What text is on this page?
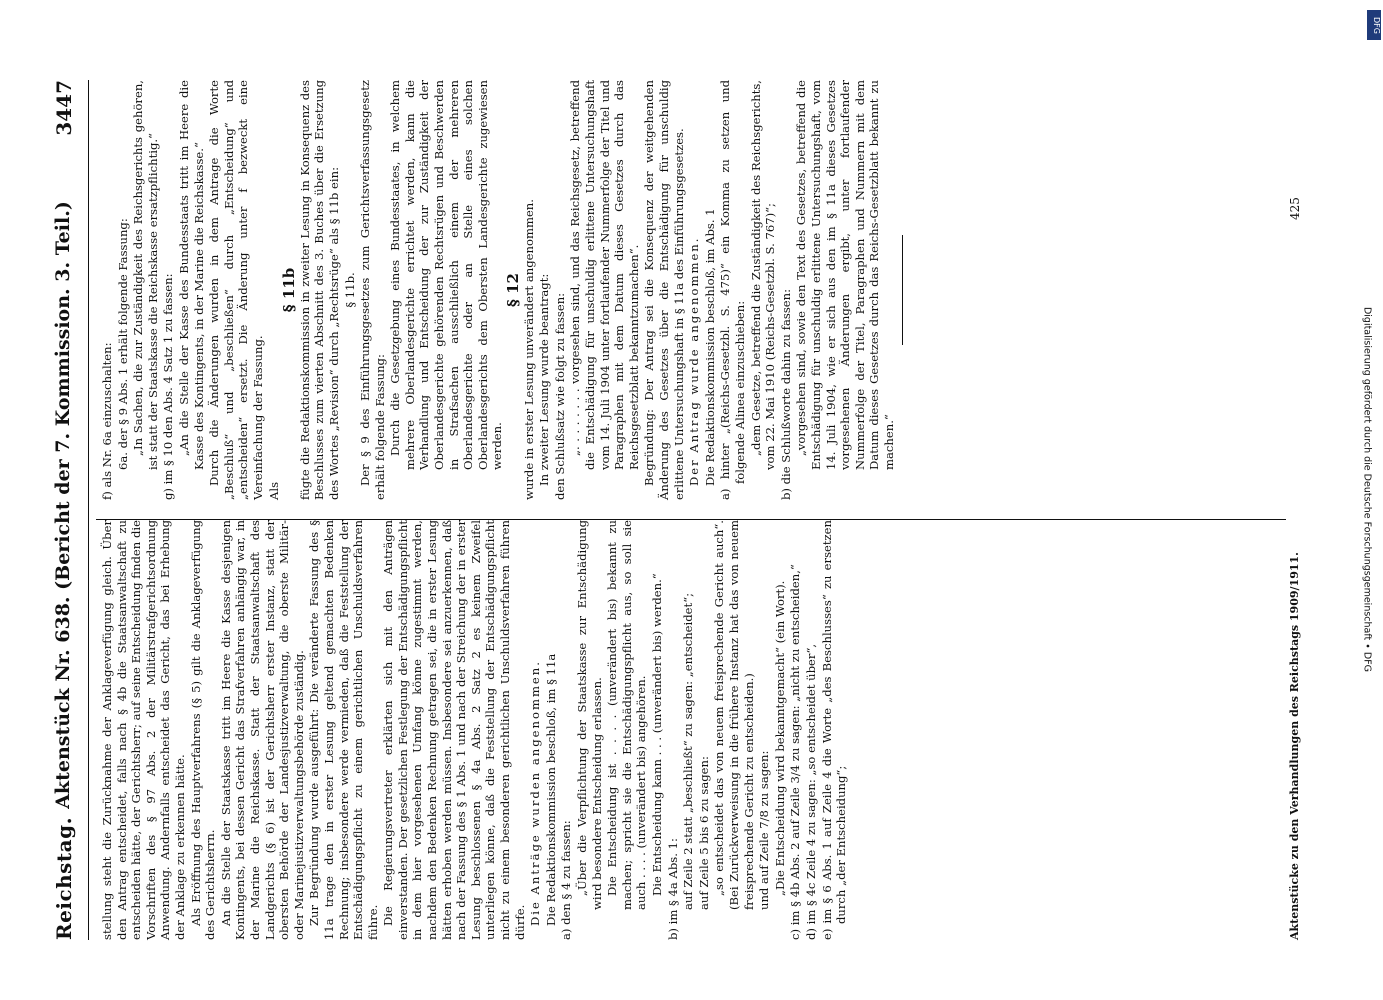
Reichstag.
Aktenstück Nr. 638. (Bericht der 7. Kommission. 3. Teil.)
3447

stellung steht die Zurücknahme der Anklageverfügung gleich. Über den Antrag entscheidet, falls nach § 4b die Staatsanwaltschaft zu entscheiden hätte, der Gerichtsherr; auf seine Entscheidung finden die Vorschriften des § 97 Abs. 2 der Militärstrafgerichtsordnung Anwendung. Andernfalls entscheidet das Gericht, das bei Erhebung der Anklage zu erkennen hätte. Als Eröffnung des Hauptverfahrens (§ 5) gilt die Anklageverfügung des Gerichtsherrn. An die Stelle der Staatskasse tritt im Heere die Kasse desjenigen Kontingents, bei dessen Gericht das Strafverfahren anhängig war, in der Marine die Reichskasse. Statt der Staatsanwaltschaft des Landgerichts (§ 6) ist der Gerichtsherr erster Instanz, statt der obersten Behörde der Landesjustizverwaltung, die oberste Militär- oder Marinejustizverwaltungsbehörde zuständig. Zur Begründung wurde ausgeführt: Die veränderte Fassung des § 11a trage den in erster Lesung geltend gemachten Bedenken Rechnung; insbesondere werde vermieden, daß die Feststellung der Entschädigungspflicht zu einem gerichtlichen Unschuldsverfahren führe. Die Regierungsvertreter erklärten sich mit den Anträgen einverstanden. Der gesetzlichen Festlegung der Entschädigungspflicht in dem hier vorgesehenen Umfang könne zugestimmt werden, nachdem den Bedenken Rechnung getragen sei, die in erster Lesung hätten erhoben werden müssen. Insbesondere sei anzuerkennen, daß nach der Fassung des § 1 Abs. 1 und nach der Streichung der in erster Lesung beschlossenen § 4a Abs. 2 Satz 2 es keinem Zweifel unterliegen könne, daß die Feststellung der Entschädigungspflicht nicht zu einem besonderen gerichtlichen Unschuldsverfahren führen dürfe. Die Anträge wurden angenommen. Die Redaktionskommission beschloß, im § 11a a) den § 4 zu fassen: „Über die Verpflichtung der Staatskasse zur Entschädigung wird besondere Entscheidung erlassen. Die Entscheidung ist . . . . (unverändert bis) bekannt zu machen; spricht sie die Entschädigungspflicht aus, so soll sie auch . . . . (unverändert bis) angehören. Die Entscheidung kann . . . (unverändert bis) werden.“ b) im § 4a Abs. 1: auf Zeile 2 statt „beschließt“ zu sagen: „entscheidet“; auf Zeile 5 bis 6 zu sagen: „so entscheidet das von neuem freisprechende Gericht auch“. (Bei Zurückverweisung in die frühere Instanz hat das von neuem freisprechende Gericht zu entscheiden.) und auf Zeile 7/8 zu sagen: „Die Entscheidung wird bekanntgemacht“ (ein Wort). c) im § 4b Abs. 2 auf Zeile 3/4 zu sagen: „nicht zu entscheiden,“ d) im § 4c Zeile 4 zu sagen: „so entscheidet über“, e) im § 6 Abs. 1 auf Zeile 4 die Worte „des Beschlusses“ zu ersetzen durch „der Entscheidung“;

f) als Nr. 6a einzuschalten: 6a. der § 9 Abs. 1 erhält folgende Fassung: „In Sachen, die zur Zuständigkeit des Reichsgerichts gehören, ist statt der Staatskasse die Reichskasse ersatzpflichtig.“ g) im § 10 den Abs. 4 Satz 1 zu fassen: „An die Stelle der Kasse des Bundesstaats tritt im Heere die Kasse des Kontingents, in der Marine die Reichskasse.“ Durch die Änderungen wurden in dem Antrage die Worte „Beschluß“ und „beschließen“ durch „Entscheidung“ und „entscheiden“ ersetzt. Die Änderung unter f bezweckt eine Vereinfachung der Fassung. Als

§ 11b fügte die Redaktionskommission in zweiter Lesung in Konsequenz des Beschlusses zum vierten Abschnitt des 3. Buches über die Ersetzung des Wortes „Revision“ durch „Rechtsrüge“ als § 11b ein: § 11b. Der § 9 des Einführungsgesetzes zum Gerichtsverfassungsgesetz erhält folgende Fassung: Durch die Gesetzgebung eines Bundesstaates, in welchem mehrere Oberlandesgerichte errichtet werden, kann die Verhandlung und Entscheidung der zur Zuständigkeit der Oberlandesgerichte gehörenden Rechtsrügen und Beschwerden in Strafsachen ausschließlich einem der mehreren Oberlandesgerichte oder an Stelle eines solchen Oberlandesgerichts dem Obersten Landesgerichte zugewiesen werden.

§ 12 wurde in erster Lesung unverändert angenommen. In zweiter Lesung wurde beantragt: den Schlußsatz wie folgt zu fassen: „. . . . . . . . vorgesehen sind, und das Reichsgesetz, betreffend die Entschädigung für unschuldig erlittene Untersuchungshaft vom 14. Juli 1904 unter fortlaufender Nummerfolge der Titel und Paragraphen mit dem Datum dieses Gesetzes durch das Reichsgesetzblatt bekanntzumachen“. Begründung: Der Antrag sei die Konsequenz der weitgehenden Änderung des Gesetzes über die Entschädigung für unschuldig erlittene Untersuchungshaft in § 11a des Einführungsgesetzes. Der Antrag wurde angenommen. Die Redaktionskommission beschloß, im Abs. 1 a) hinter „(Reichs-Gesetzbl. S. 475)“ ein Komma zu setzen und folgende Alinea einzuschieben: „dem Gesetze, betreffend die Zuständigkeit des Reichsgerichts, vom 22. Mai 1910 (Reichs-Gesetzbl. S. 767)“; b) die Schlußworte dahin zu fassen: „vorgesehen sind, sowie den Text des Gesetzes, betreffend die Entschädigung für unschuldig erlittene Untersuchungshaft, vom 14. Juli 1904, wie er sich aus den im § 11a dieses Gesetzes vorgesehenen Änderungen ergibt, unter fortlaufender Nummerfolge der Titel, Paragraphen und Nummern mit dem Datum dieses Gesetzes durch das Reichs-Gesetzblatt bekannt zu machen.“

Aktenstücke zu den Verhandlungen des Reichstags 1909/1911.
425
Digitalisierung gefördert durch die Deutsche Forschungsgemeinschaft • DFG
DFG
